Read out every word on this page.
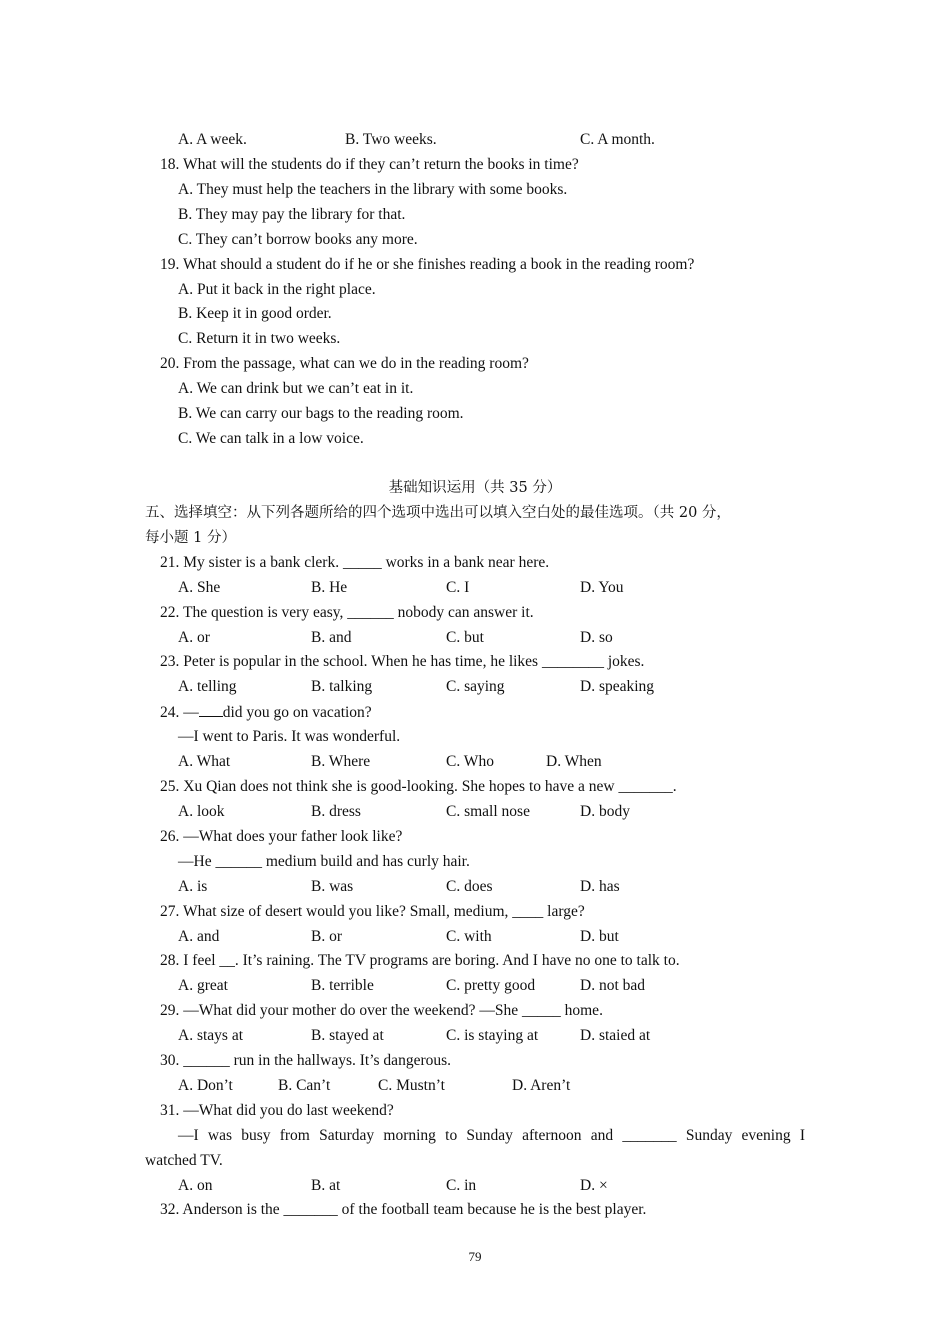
A. A week.	B. Two weeks.	C. A month.
18. What will the students do if they can’t return the books in time?
A. They must help the teachers in the library with some books.
B. They may pay the library for that.
C. They can’t borrow books any more.
19. What should a student do if he or she finishes reading a book in the reading room?
A. Put it back in the right place.
B. Keep it in good order.
C. Return it in two weeks.
20. From the passage, what can we do in the reading room?
A. We can drink but we can’t eat in it.
B. We can carry our bags to the reading room.
C. We can talk in a low voice.
基础知识运用（共 35 分）
五、选择填空：从下列各题所给的四个选项中选出可以填入空白处的最佳选项。（共 20 分，
每小题 1 分）
21. My sister is a bank clerk. _____ works in a bank near here.
A. She	B. He	C. I	D. You
22. The question is very easy, ______ nobody can answer it.
A. or	B. and	C. but	D. so
23. Peter is popular in the school. When he has time, he likes ________ jokes.
A. telling	B. talking	C. saying	D. speaking
24. — did you go on vacation?
—I went to Paris. It was wonderful.
A. What	B. Where	C. Who	D. When
25. Xu Qian does not think she is good-looking. She hopes to have a new _______.
A. look	B. dress	C. small nose	D. body
26. —What does your father look like?
—He ______ medium build and has curly hair.
A. is	B. was	C. does	D. has
27. What size of desert would you like? Small, medium, ____ large?
A. and	B. or	C. with	D. but
28. I feel __. It’s raining. The TV programs are boring. And I have no one to talk to.
A. great	B. terrible	C. pretty good	D. not bad
29. —What did your mother do over the weekend? —She _____ home.
A. stays at	B. stayed at	C. is staying at	D. staied at
30. ______ run in the hallways. It’s dangerous.
A. Don’t	B. Can’t	C. Mustn’t	D. Aren’t
31. —What did you do last weekend?
—I was busy from Saturday morning to Sunday afternoon and _______ Sunday evening I
watched TV.
A. on	B. at	C. in	D. ×
32. Anderson is the _______ of the football team because he is the best player.
79
